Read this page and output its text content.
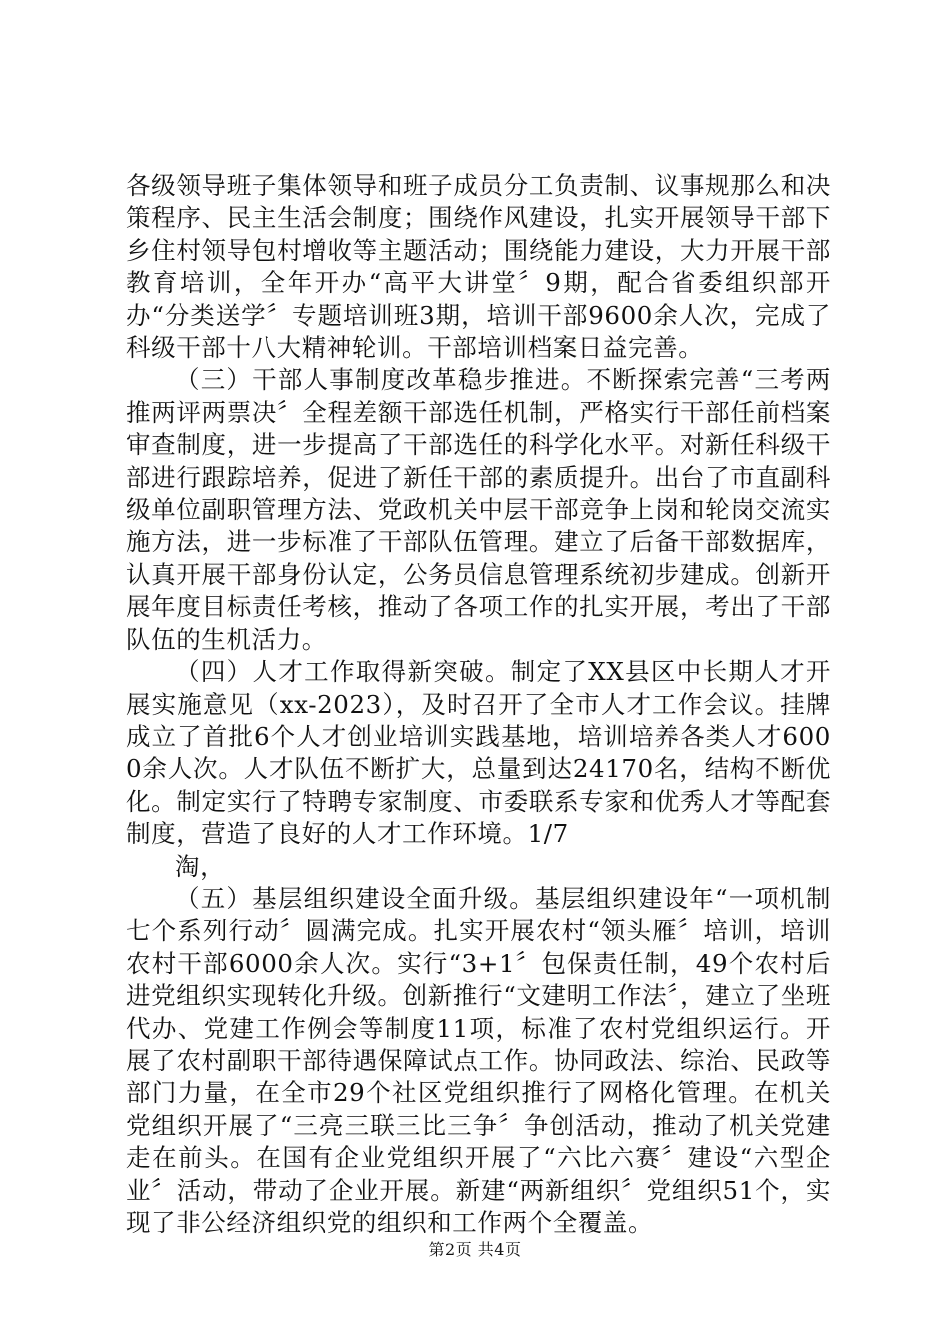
各级领导班子集体领导和班子成员分工负责制、议事规那么和决策程序、民主生活会制度；围绕作风建设，扎实开展领导干部下乡住村领导包村增收等主题活动；围绕能力建设，大力开展干部教育培训，全年开办“高平大讲堂〞9期，配合省委组织部开办“分类送学〞专题培训班3期，培训干部9600余人次，完成了科级干部十八大精神轮训。干部培训档案日益完善。

（三）干部人事制度改革稳步推进。不断探索完善“三考两推两评两票决〞全程差额干部选任机制，严格实行干部任前档案审查制度，进一步提高了干部选任的科学化水平。对新任科级干部进行跟踪培养，促进了新任干部的素质提升。出台了市直副科级单位副职管理方法、党政机关中层干部竞争上岗和轮岗交流实施方法，进一步标准了干部队伍管理。建立了后备干部数据库，认真开展干部身份认定，公务员信息管理系统初步建成。创新开展年度目标责任考核，推动了各项工作的扎实开展，考出了干部队伍的生机活力。

（四）人才工作取得新突破。制定了XX县区中长期人才开展实施意见（xx-2023），及时召开了全市人才工作会议。挂牌成立了首批6个人才创业培训实践基地，培训培养各类人才6000余人次。人才队伍不断扩大，总量到达24170名，结构不断优化。制定实行了特聘专家制度、市委联系专家和优秀人才等配套制度，营造了良好的人才工作环境。1/7

淘，

（五）基层组织建设全面升级。基层组织建设年“一项机制七个系列行动〞圆满完成。扎实开展农村“领头雁〞培训，培训农村干部6000余人次。实行“3+1〞包保责任制，49个农村后进党组织实现转化升级。创新推行“文建明工作法〞，建立了坐班代办、党建工作例会等制度11项，标准了农村党组织运行。开展了农村副职干部待遇保障试点工作。协同政法、综治、民政等部门力量，在全市29个社区党组织推行了网格化管理。在机关党组织开展了“三亮三联三比三争〞争创活动，推动了机关党建走在前头。在国有企业党组织开展了“六比六赛〞建设“六型企业〞活动，带动了企业开展。新建“两新组织〞党组织51个，实现了非公经济组织党的组织和工作两个全覆盖。

第2页 共4页
